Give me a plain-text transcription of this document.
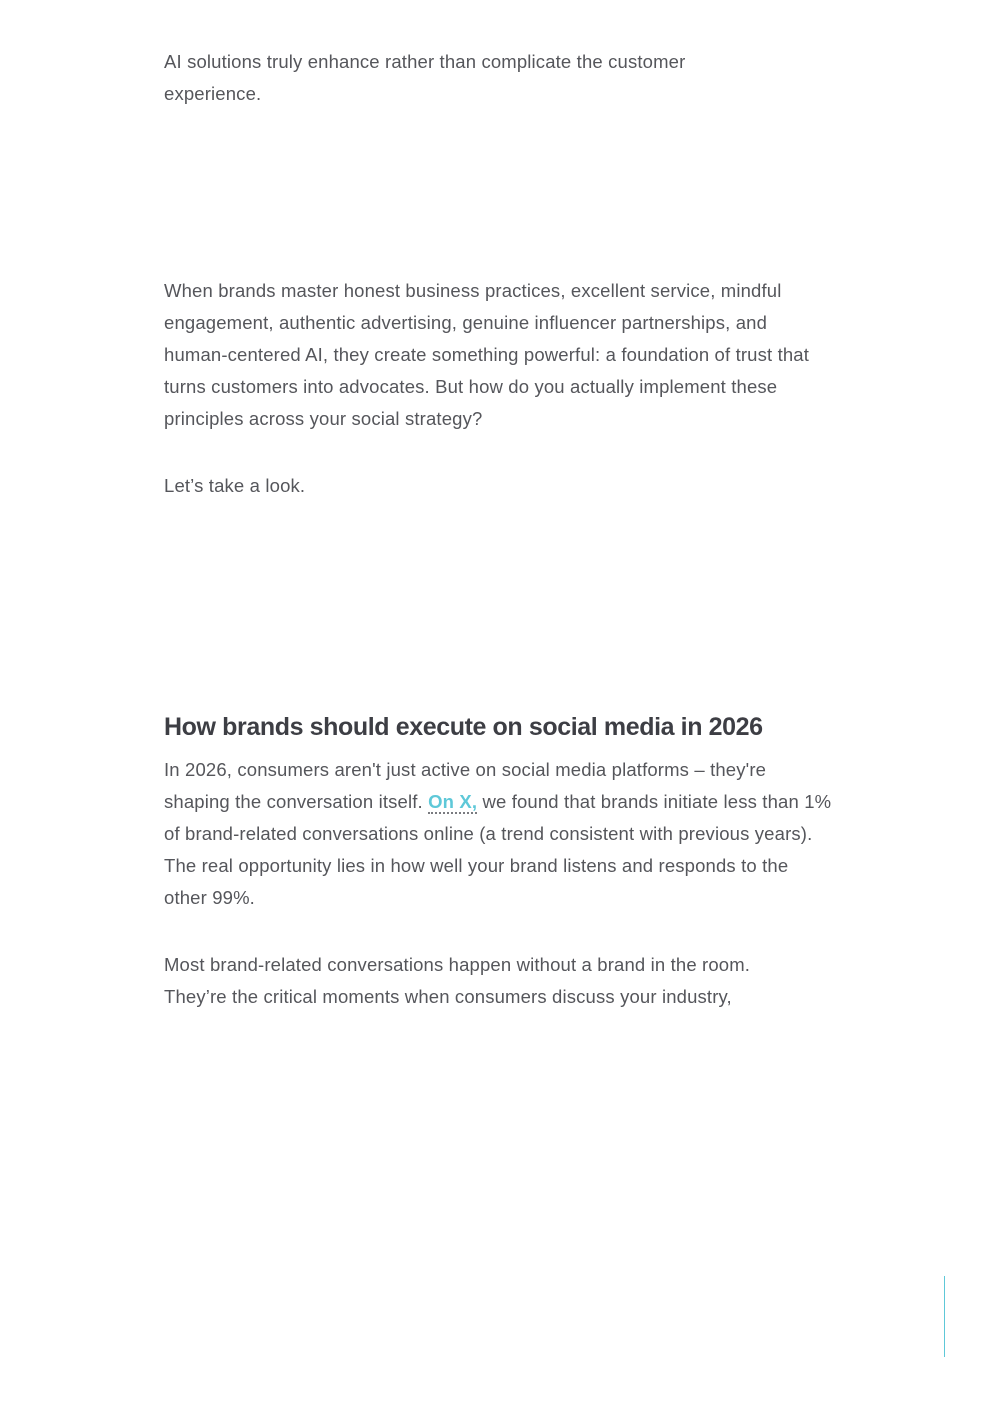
AI solutions truly enhance rather than complicate the customer experience.

When brands master honest business practices, excellent service, mindful engagement, authentic advertising, genuine influencer partnerships, and human-centered AI, they create something powerful: a foundation of trust that turns customers into advocates. But how do you actually implement these principles across your social strategy?

Let’s take a look.

How brands should execute on social media in 2026

In 2026, consumers aren't just active on social media platforms – they're shaping the conversation itself. On X, we found that brands initiate less than 1% of brand-related conversations online (a trend consistent with previous years). The real opportunity lies in how well your brand listens and responds to the other 99%.

Most brand-related conversations happen without a brand in the room. They’re the critical moments when consumers discuss your industry,
